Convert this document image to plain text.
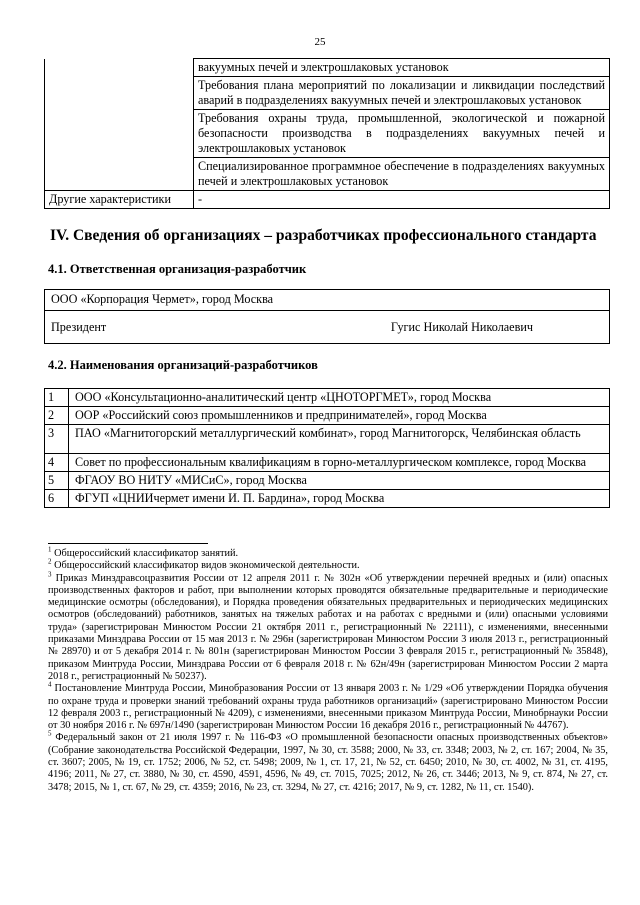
25
	вакуумных печей и электрошлаковых установок
	Требования плана мероприятий по локализации и ликвидации последствий аварий в подразделениях вакуумных печей и электрошлаковых установок
	Требования охраны труда, промышленной, экологической и пожарной безопасности производства в подразделениях вакуумных печей и электрошлаковых установок
	Специализированное программное обеспечение в подразделениях вакуумных печей и электрошлаковых установок
Другие характеристики	-
IV. Сведения об организациях – разработчиках профессионального стандарта
4.1. Ответственная организация-разработчик
ООО «Корпорация Чермет», город Москва

Президент	Гугис Николай Николаевич
4.2. Наименования организаций-разработчиков
1	ООО «Консультационно-аналитический центр «ЦНОТОРГМЕТ», город Москва
2	ООР «Российский союз промышленников и предпринимателей», город Москва
3	ПАО «Магнитогорский металлургический комбинат», город Магнитогорск, Челябинская область
4	Совет по профессиональным квалификациям в горно-металлургическом комплексе, город Москва
5	ФГАОУ ВО НИТУ «МИСиС», город Москва
6	ФГУП «ЦНИИчермет имени И. П. Бардина», город Москва

$^1$ Общероссийский классификатор занятий.

$^2$ Общероссийский классификатор видов экономической деятельности.

$^3$ Приказ Минздравсоцразвития России от 12 апреля 2011 г. № 302н «Об утверждении перечней вредных и (или) опасных производственных факторов и работ, при выполнении которых проводятся обязательные предварительные и периодические медицинские осмотры (обследования), и Порядка проведения обязательных предварительных и периодических медицинских осмотров (обследований) работников, занятых на тяжелых работах и на работах с вредными и (или) опасными условиями труда» (зарегистрирован Минюстом России 21 октября 2011 г., регистрационный № 22111), с изменениями, внесенными приказами Минздрава России от 15 мая 2013 г. № 296н (зарегистрирован Минюстом России 3 июля 2013 г., регистрационный № 28970) и от 5 декабря 2014 г. № 801н (зарегистрирован Минюстом России 3 февраля 2015 г., регистрационный № 35848), приказом Минтруда России, Минздрава России от 6 февраля 2018 г. № 62н/49н (зарегистрирован Минюстом России 2 марта 2018 г., регистрационный № 50237).

$^4$ Постановление Минтруда России, Минобразования России от 13 января 2003 г. № 1/29 «Об утверждении Порядка обучения по охране труда и проверки знаний требований охраны труда работников организаций» (зарегистрировано Минюстом России 12 февраля 2003 г., регистрационный № 4209), с изменениями, внесенными приказом Минтруда России, Минобрнауки России от 30 ноября 2016 г. № 697н/1490 (зарегистрирован Минюстом России 16 декабря 2016 г., регистрационный № 44767).

$^5$ Федеральный закон от 21 июля 1997 г. № 116-ФЗ «О промышленной безопасности опасных производственных объектов» (Собрание законодательства Российской Федерации, 1997, № 30, ст. 3588; 2000, № 33, ст. 3348; 2003, № 2, ст. 167; 2004, № 35, ст. 3607; 2005, № 19, ст. 1752; 2006, № 52, ст. 5498; 2009, № 1, ст. 17, 21, № 52, ст. 6450; 2010, № 30, ст. 4002, № 31, ст. 4195, 4196; 2011, № 27, ст. 3880, № 30, ст. 4590, 4591, 4596, № 49, ст. 7015, 7025; 2012, № 26, ст. 3446; 2013, № 9, ст. 874, № 27, ст. 3478; 2015, № 1, ст. 67, № 29, ст. 4359; 2016, № 23, ст. 3294, № 27, ст. 4216; 2017, № 9, ст. 1282, № 11, ст. 1540).
